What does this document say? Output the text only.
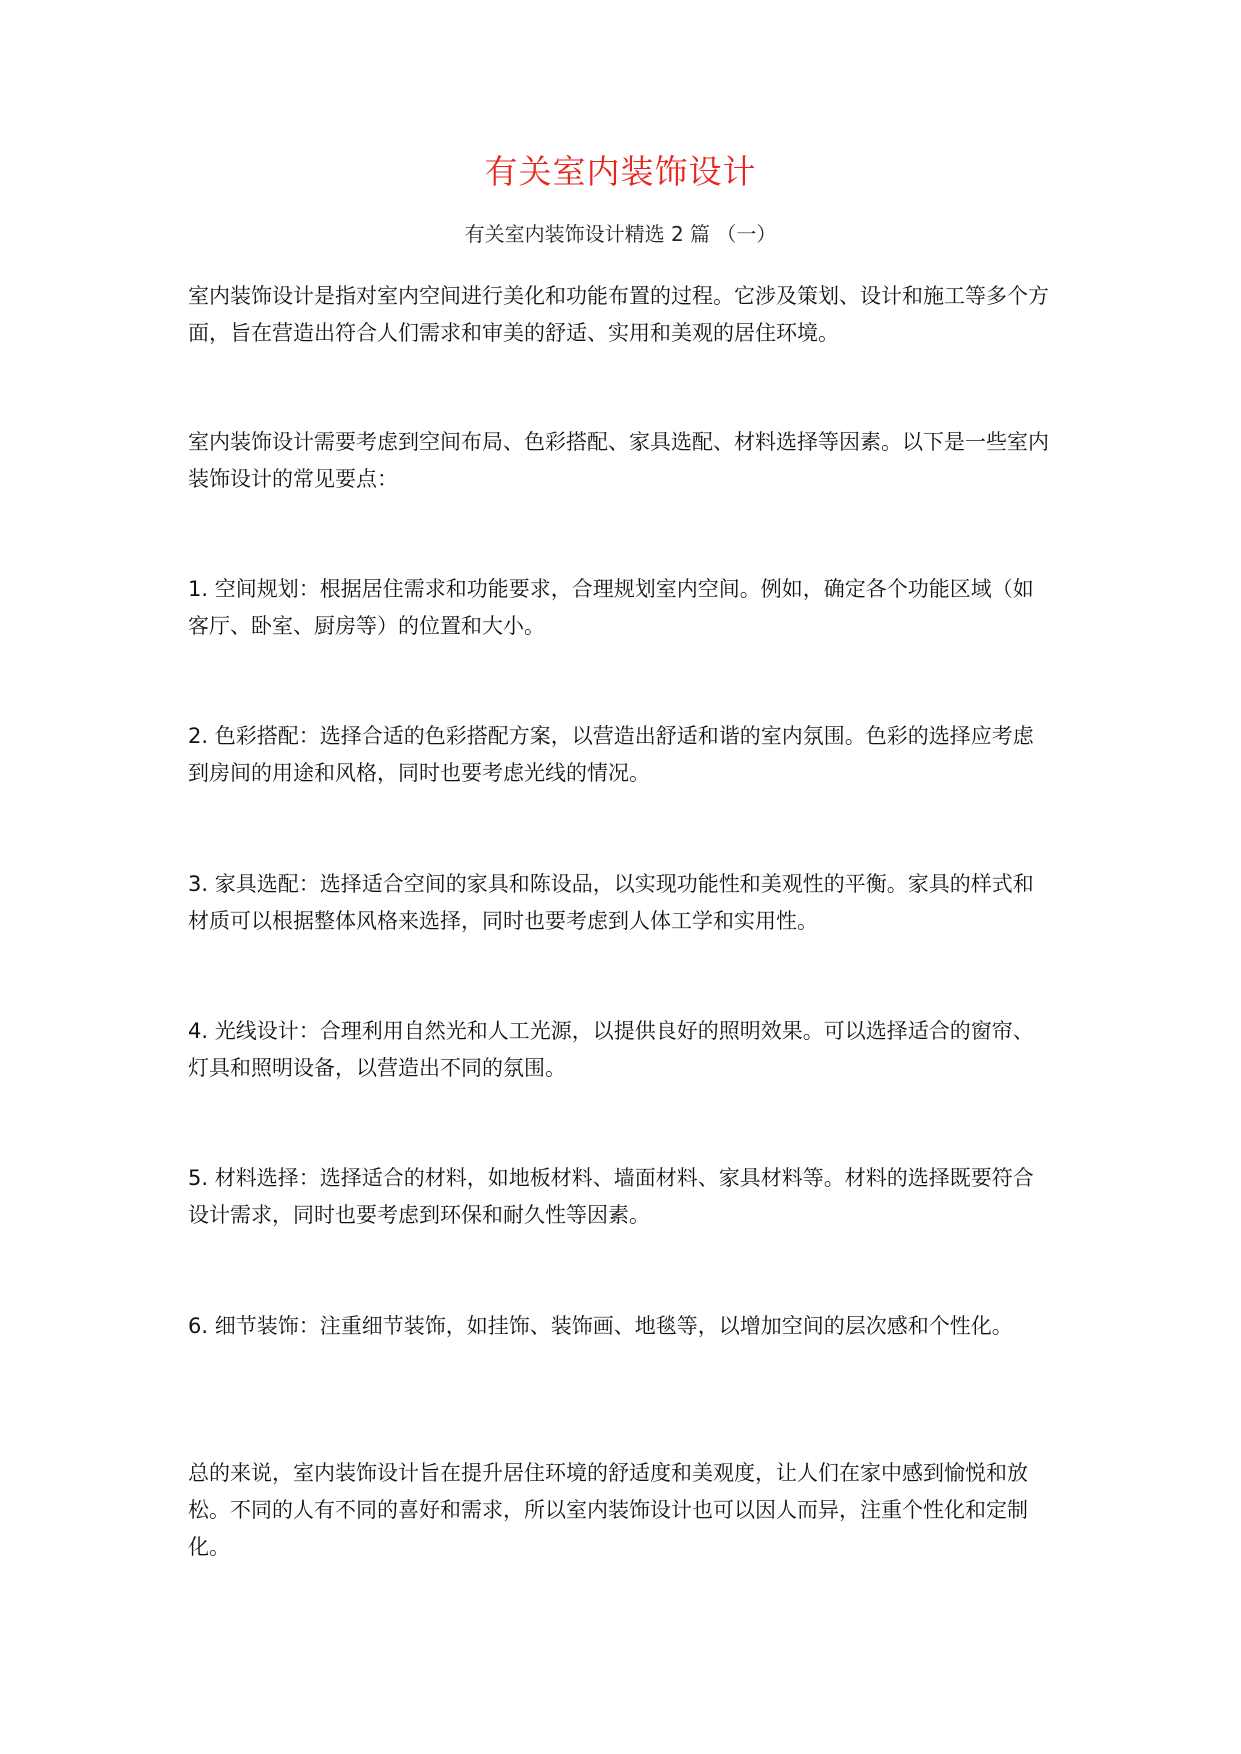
有关室内装饰设计
有关室内装饰设计精选 2 篇 （一）

室内装饰设计是指对室内空间进行美化和功能布置的过程。它涉及策划、设计和施工等多个方面，旨在营造出符合人们需求和审美的舒适、实用和美观的居住环境。

室内装饰设计需要考虑到空间布局、色彩搭配、家具选配、材料选择等因素。以下是一些室内装饰设计的常见要点：

1. 空间规划：根据居住需求和功能要求，合理规划室内空间。例如，确定各个功能区域（如客厅、卧室、厨房等）的位置和大小。

2. 色彩搭配：选择合适的色彩搭配方案，以营造出舒适和谐的室内氛围。色彩的选择应考虑到房间的用途和风格，同时也要考虑光线的情况。

3. 家具选配：选择适合空间的家具和陈设品，以实现功能性和美观性的平衡。家具的样式和材质可以根据整体风格来选择，同时也要考虑到人体工学和实用性。

4. 光线设计：合理利用自然光和人工光源，以提供良好的照明效果。可以选择适合的窗帘、灯具和照明设备，以营造出不同的氛围。

5. 材料选择：选择适合的材料，如地板材料、墙面材料、家具材料等。材料的选择既要符合设计需求，同时也要考虑到环保和耐久性等因素。

6. 细节装饰：注重细节装饰，如挂饰、装饰画、地毯等，以增加空间的层次感和个性化。

总的来说，室内装饰设计旨在提升居住环境的舒适度和美观度，让人们在家中感到愉悦和放松。不同的人有不同的喜好和需求，所以室内装饰设计也可以因人而异，注重个性化和定制化。
